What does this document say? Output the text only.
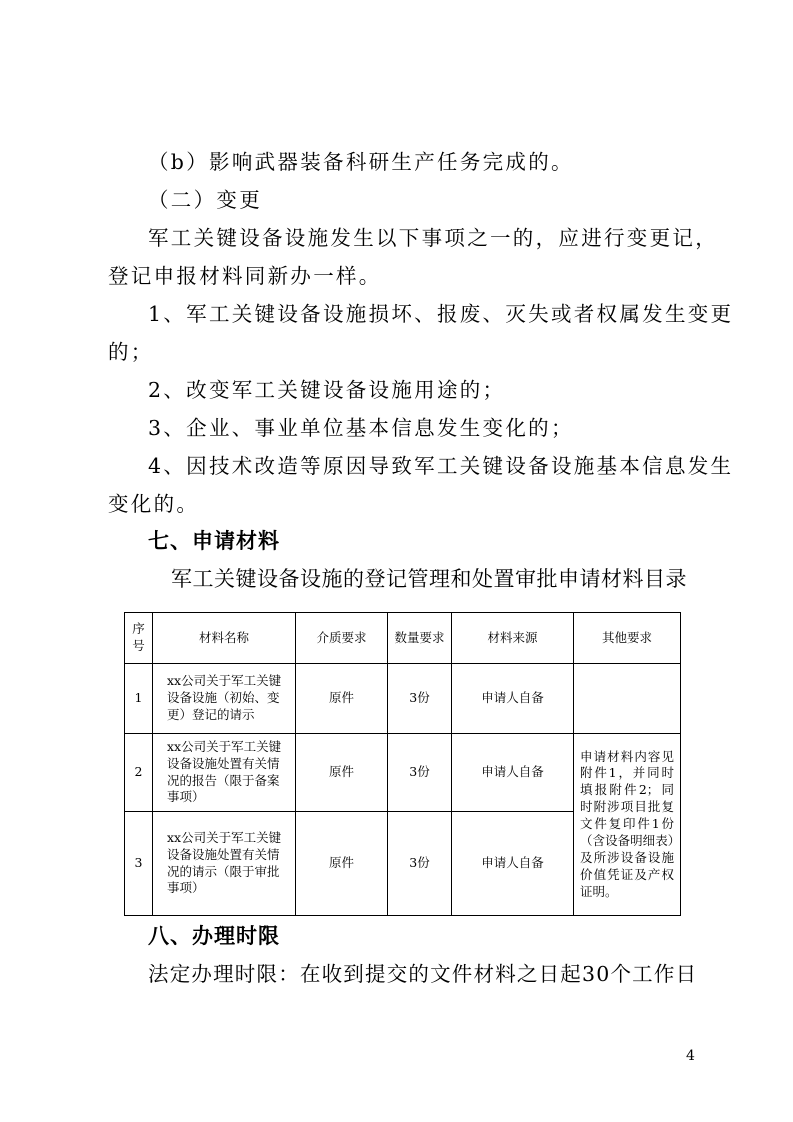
（b）影响武器装备科研生产任务完成的。
（二）变更
军工关键设备设施发生以下事项之一的，应进行变更记，
登记申报材料同新办一样。
1、军工关键设备设施损坏、报废、灭失或者权属发生变更
的；
2、改变军工关键设备设施用途的；
3、企业、事业单位基本信息发生变化的；
4、因技术改造等原因导致军工关键设备设施基本信息发生
变化的。
七、申请材料
军工关键设备设施的登记管理和处置审批申请材料目录
序号	材料名称	介质要求	数量要求	材料来源	其他要求
1	xx公司关于军工关键设备设施（初始、变更）登记的请示	原件	3份	申请人自备	
2	xx公司关于军工关键设备设施处置有关情况的报告（限于备案事项）	原件	3份	申请人自备	申请材料内容见附件1，并同时填报附件2；同时附涉项目批复文件复印件1份（含设备明细表）及所涉设备设施价值凭证及产权证明。
3	xx公司关于军工关键设备设施处置有关情况的请示（限于审批事项）	原件	3份	申请人自备	
八、办理时限
法定办理时限：在收到提交的文件材料之日起30个工作日
4
